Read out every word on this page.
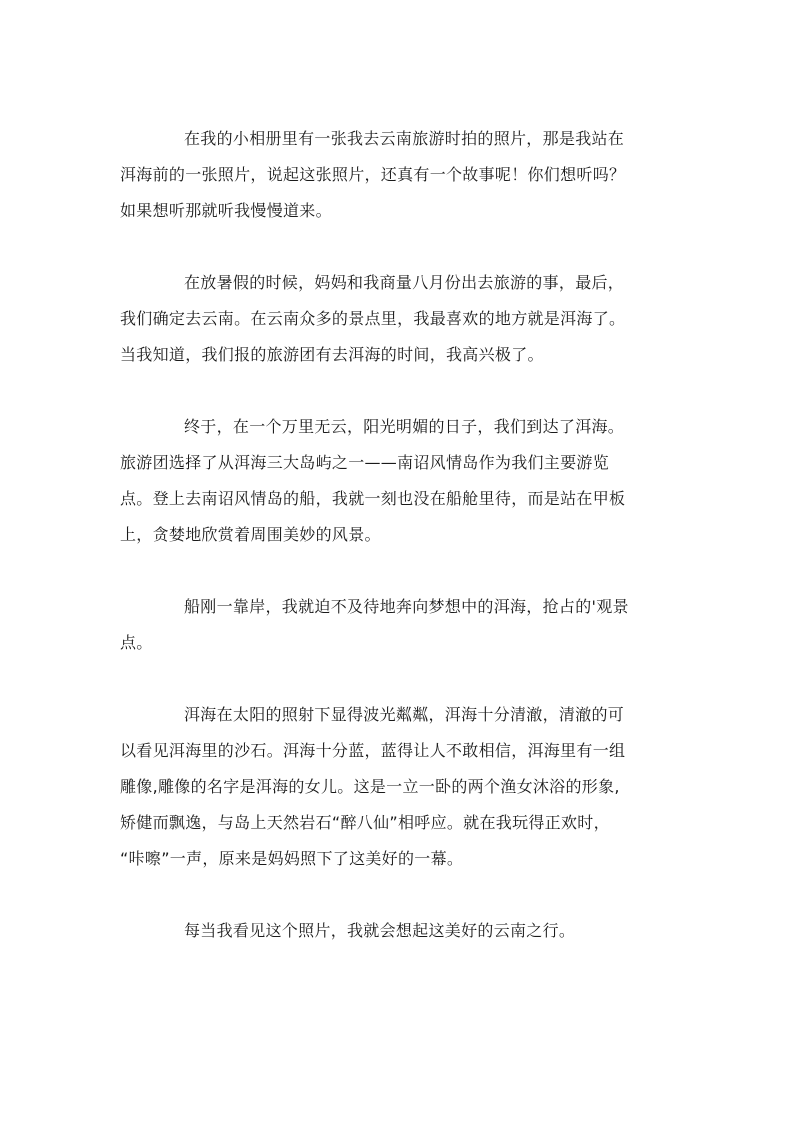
在我的小相册里有一张我去云南旅游时拍的照片，那是我站在
洱海前的一张照片，说起这张照片，还真有一个故事呢！你们想听吗？
如果想听那就听我慢慢道来。
在放暑假的时候，妈妈和我商量八月份出去旅游的事，最后，
我们确定去云南。在云南众多的景点里，我最喜欢的地方就是洱海了。
当我知道，我们报的旅游团有去洱海的时间，我高兴极了。
终于，在一个万里无云，阳光明媚的日子，我们到达了洱海。
旅游团选择了从洱海三大岛屿之一——南诏风情岛作为我们主要游览
点。登上去南诏风情岛的船，我就一刻也没在船舱里待，而是站在甲板
上，贪婪地欣赏着周围美妙的风景。
船刚一靠岸，我就迫不及待地奔向梦想中的洱海，抢占的'观景
点。
洱海在太阳的照射下显得波光粼粼，洱海十分清澈，清澈的可
以看见洱海里的沙石。洱海十分蓝，蓝得让人不敢相信，洱海里有一组
雕像,雕像的名字是洱海的女儿。这是一立一卧的两个渔女沐浴的形象,
矫健而飘逸，与岛上天然岩石“醉八仙”相呼应。就在我玩得正欢时，
“咔嚓”一声，原来是妈妈照下了这美好的一幕。
每当我看见这个照片，我就会想起这美好的云南之行。
